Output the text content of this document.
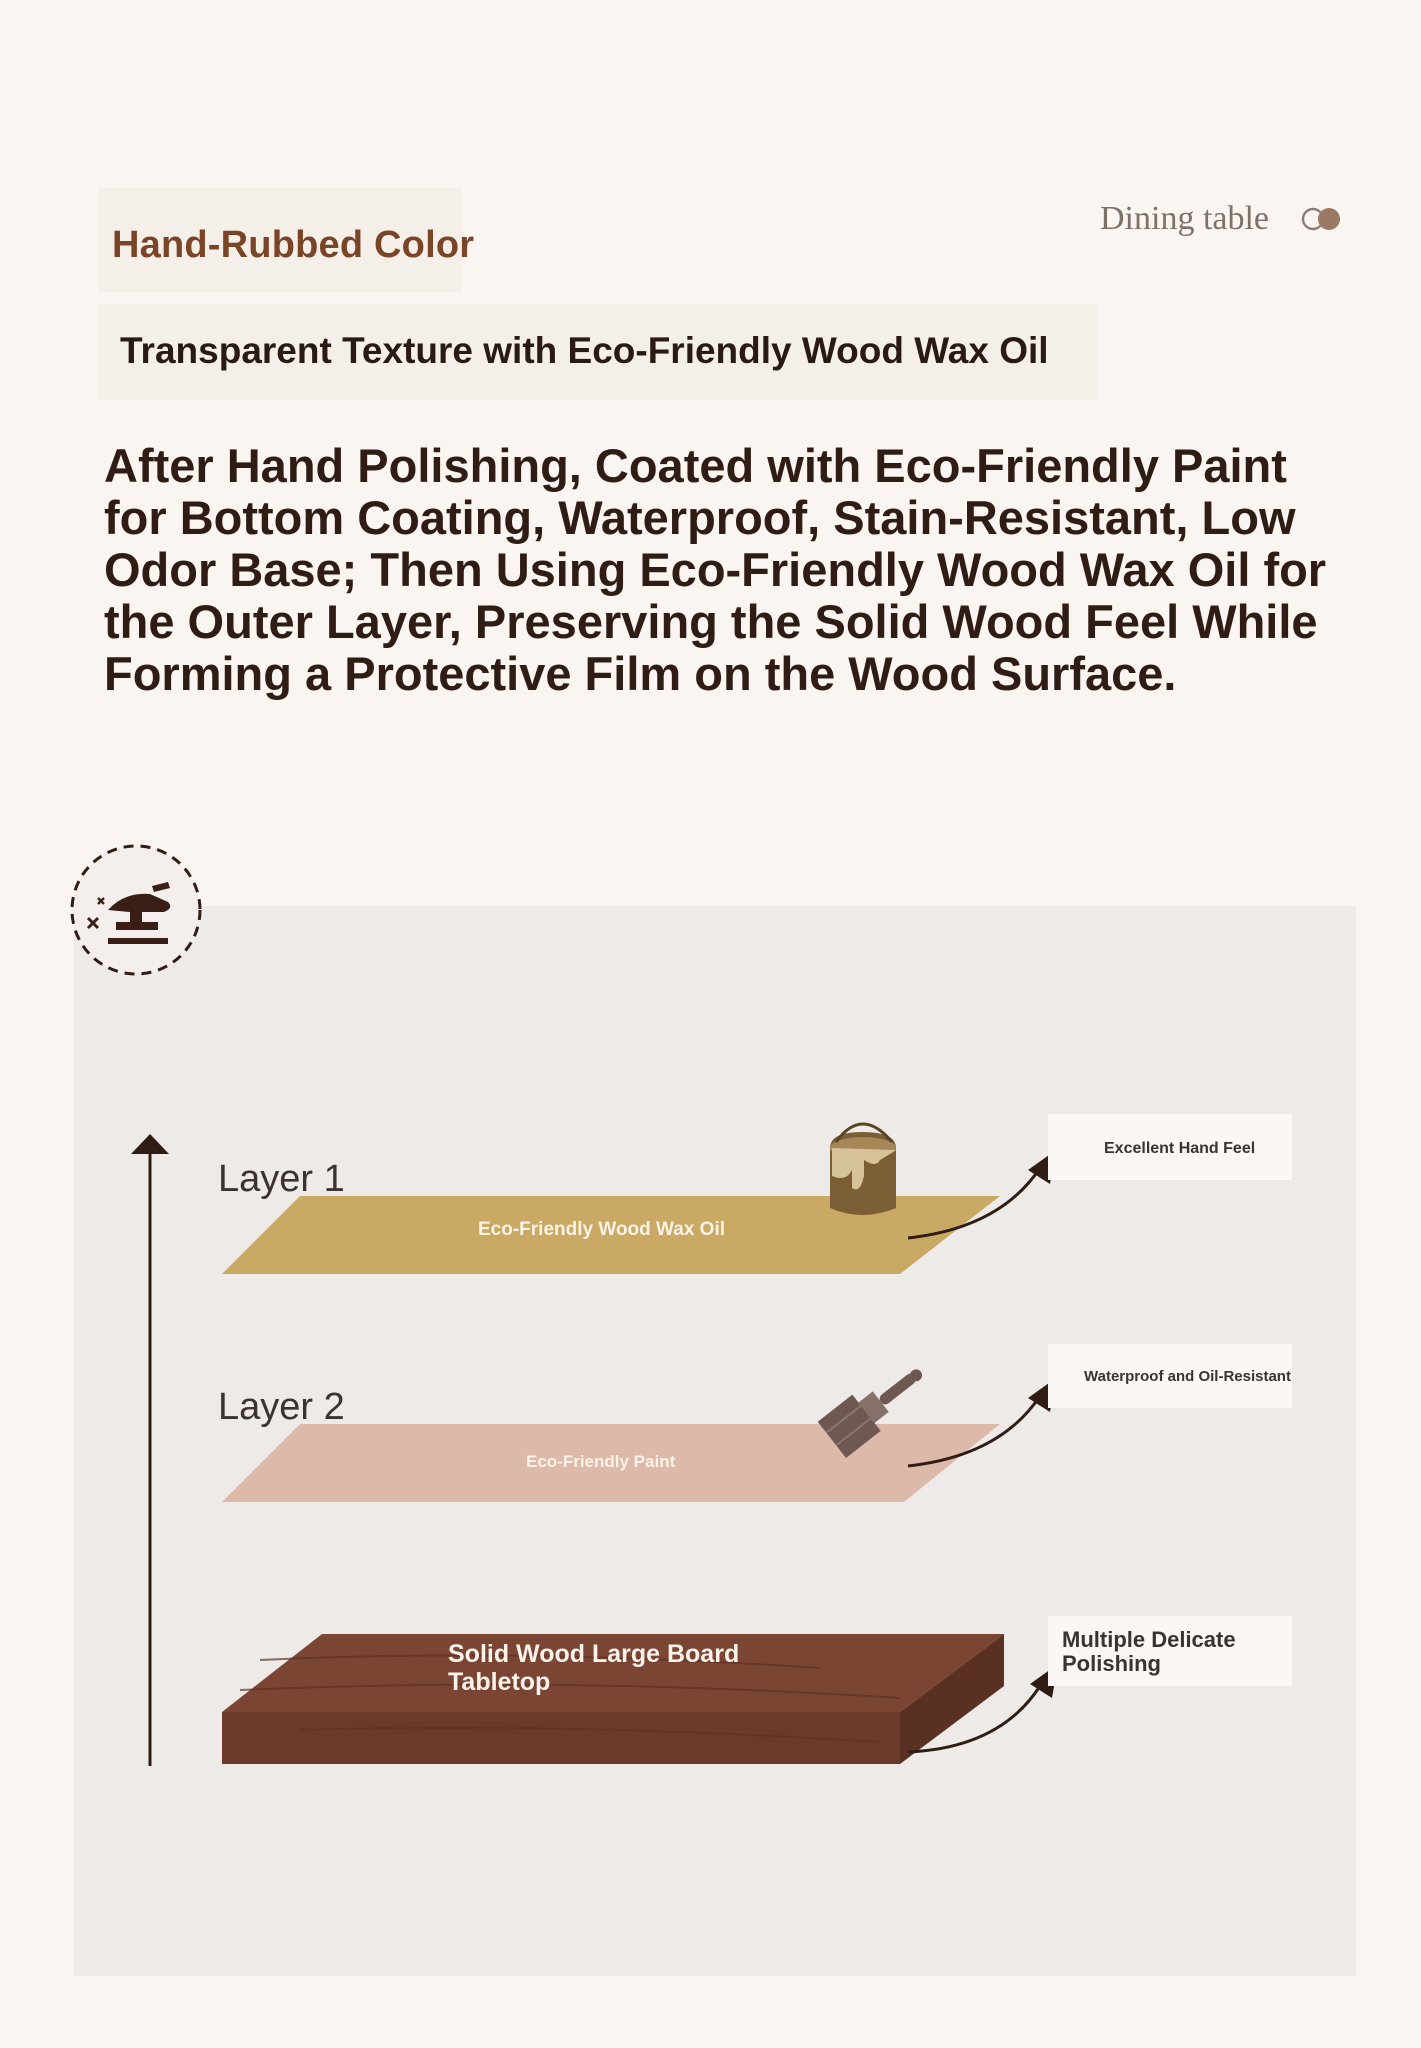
Hand-Rubbed Color
Dining table
Transparent Texture with Eco-Friendly Wood Wax Oil
After Hand Polishing, Coated with Eco-Friendly Paint for Bottom Coating, Waterproof, Stain-Resistant, Low Odor Base; Then Using Eco-Friendly Wood Wax Oil for the Outer Layer, Preserving the Solid Wood Feel While Forming a Protective Film on the Wood Surface.
Layer 1
Layer 2
Eco-Friendly Wood Wax Oil
Eco-Friendly Paint
Solid Wood Large Board Tabletop
Excellent Hand Feel
Waterproof and Oil-Resistant
Multiple Delicate Polishing
